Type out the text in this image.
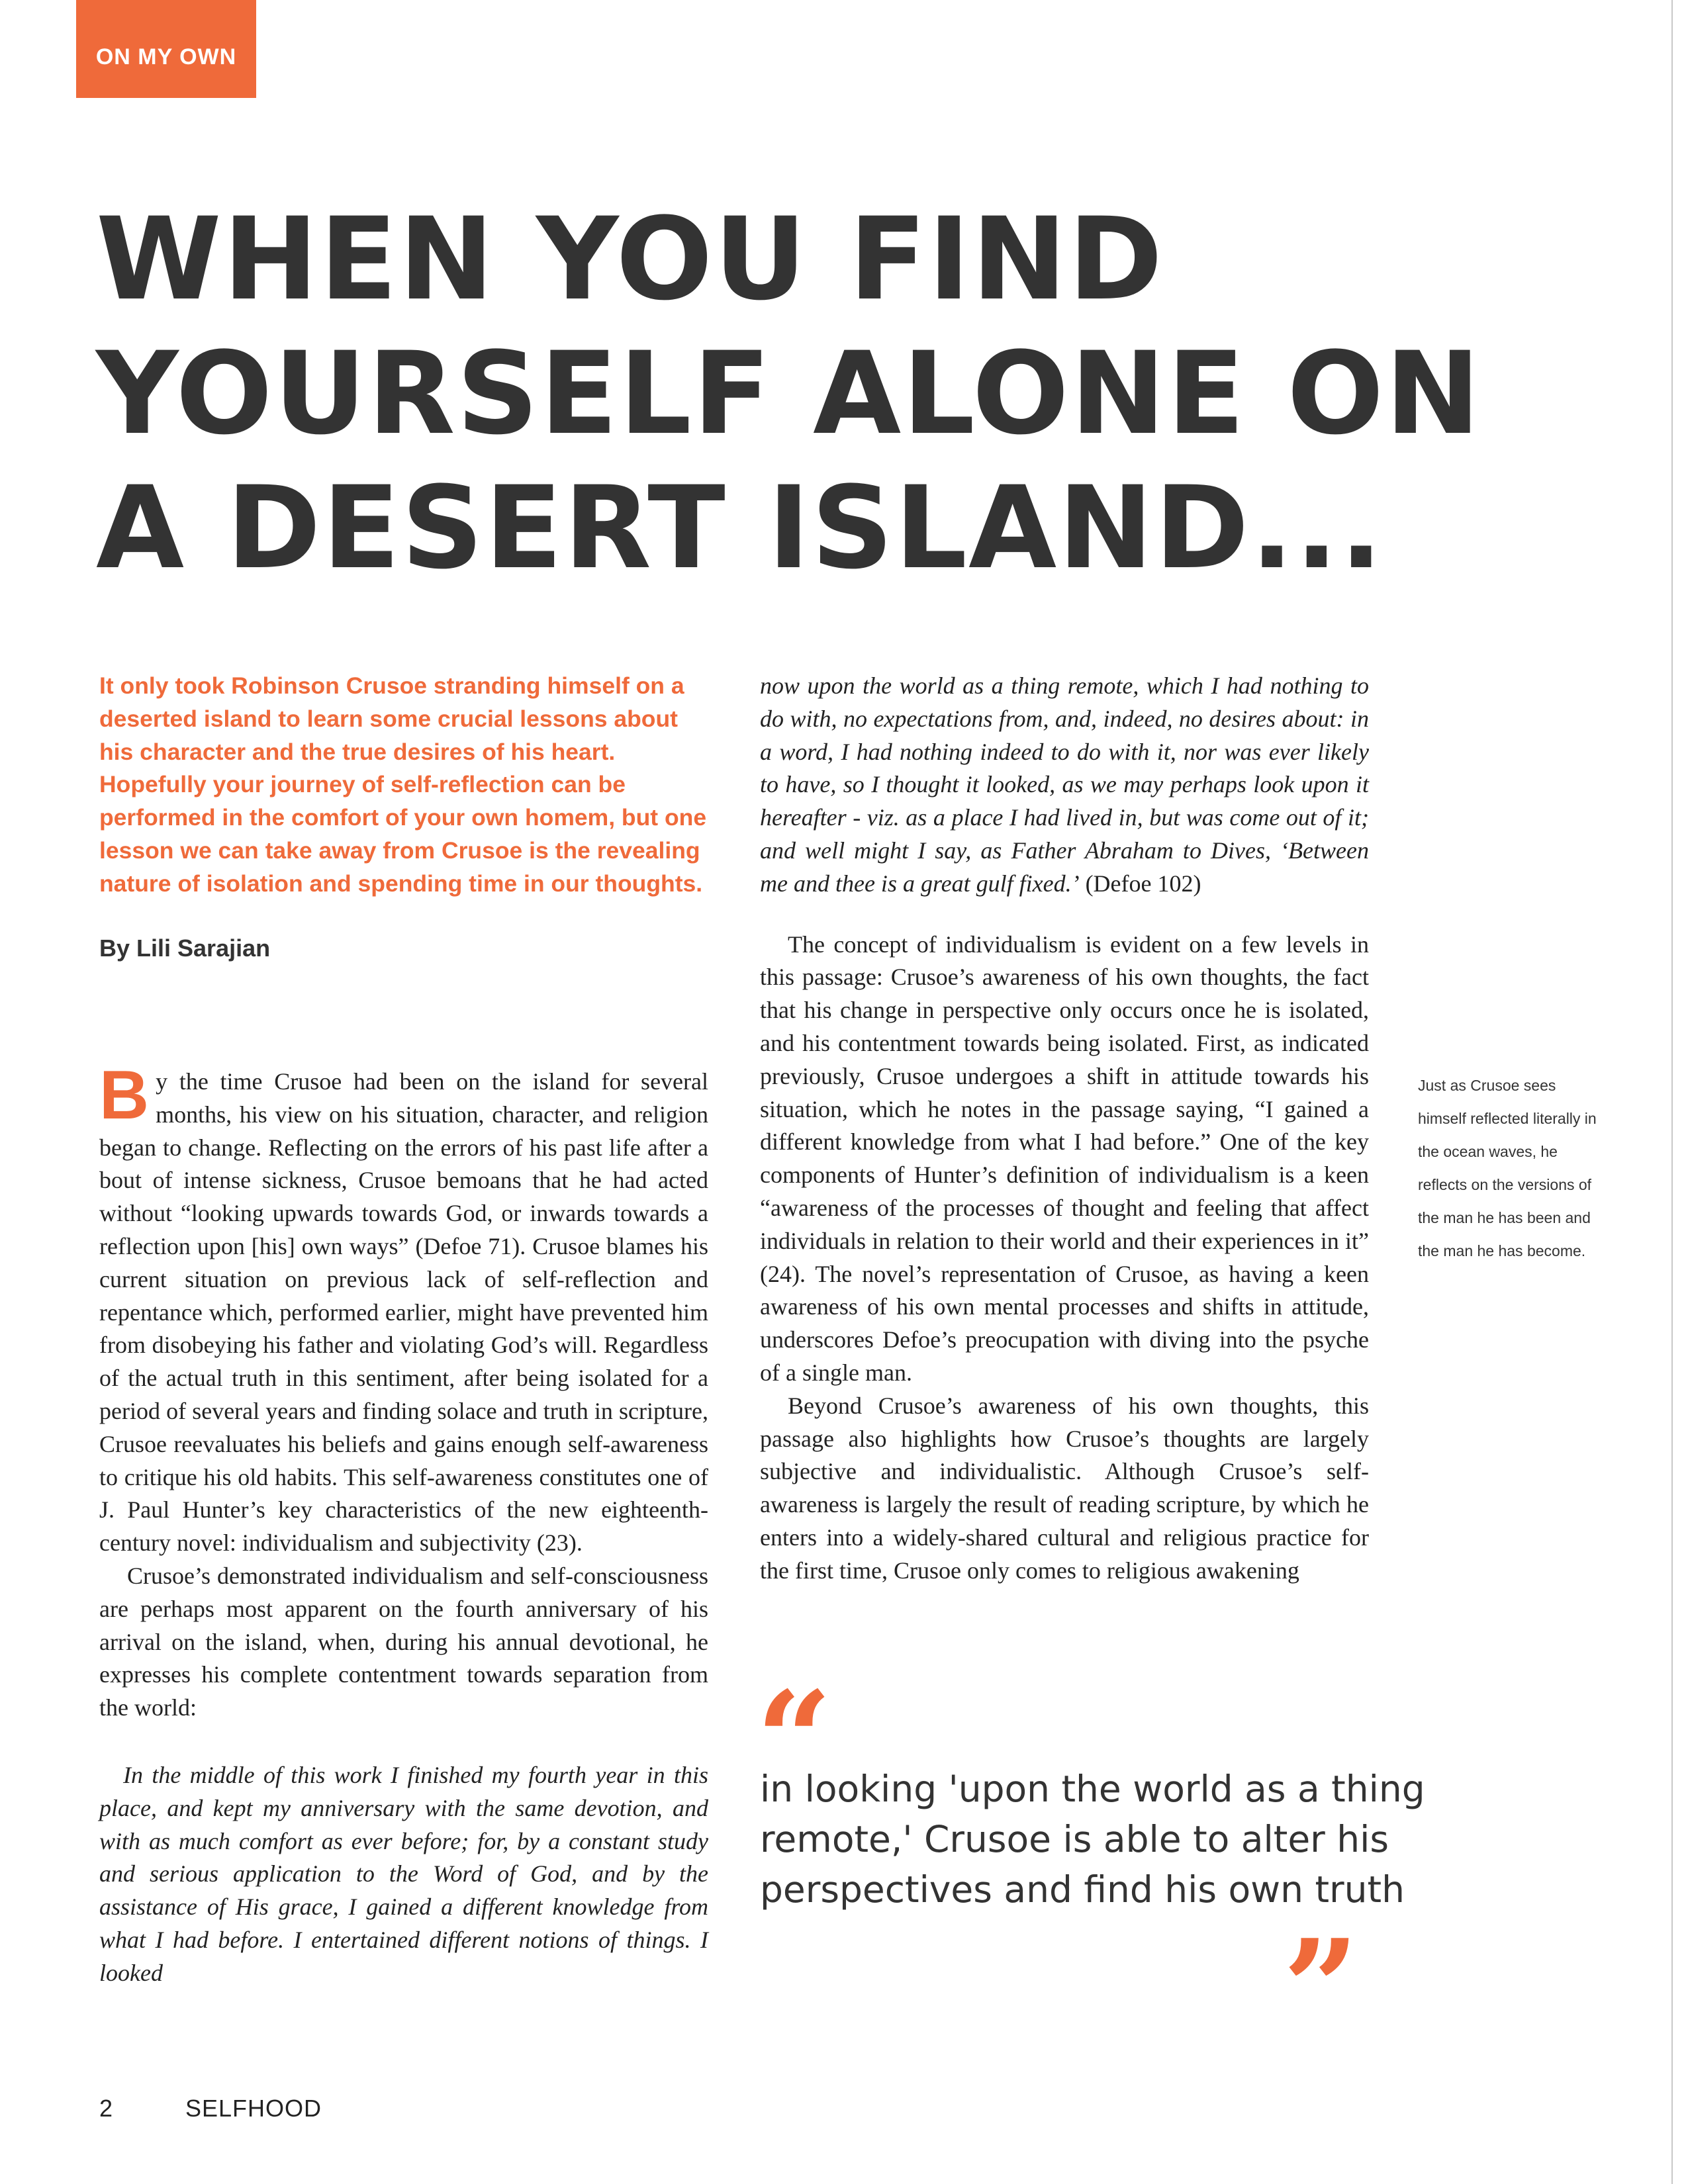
ON MY OWN
WHEN YOU FIND
YOURSELF ALONE ON
A DESERT ISLAND...

It only took Robinson Crusoe stranding himself on a deserted island to learn some crucial lessons about his character and the true desires of his heart. Hopefully your journey of self-reflection can be performed in the comfort of your own homem, but one lesson we can take away from Crusoe is the revealing nature of isolation and spending time in our thoughts.

By Lili Sarajian

By the time Crusoe had been on the island for several months, his view on his situation, character, and religion began to change. Reflecting on the errors of his past life after a bout of intense sickness, Crusoe bemoans that he had acted without “looking upwards towards God, or inwards towards a reflection upon [his] own ways” (Defoe 71). Crusoe blames his current situation on previous lack of self-reflection and repentance which, performed earlier, might have prevented him from disobeying his father and violating God’s will. Regardless of the actual truth in this sentiment, after being isolated for a period of several years and finding solace and truth in scripture, Crusoe reevaluates his beliefs and gains enough self-awareness to critique his old habits. This self-awareness constitutes one of J. Paul Hunter’s key characteristics of the new eighteenth-century novel: individualism and subjectivity (23).

Crusoe’s demonstrated individualism and self-consciousness are perhaps most apparent on the fourth anniversary of his arrival on the island, when, during his annual devotional, he expresses his complete contentment towards separation from the world:

In the middle of this work I finished my fourth year in this place, and kept my anniversary with the same devotion, and with as much comfort as ever before; for, by a constant study and serious application to the Word of God, and by the assistance of His grace, I gained a different knowledge from what I had before. I entertained different notions of things. I looked

now upon the world as a thing remote, which I had nothing to do with, no expectations from, and, indeed, no desires about: in a word, I had nothing indeed to do with it, nor was ever likely to have, so I thought it looked, as we may perhaps look upon it hereafter - viz. as a place I had lived in, but was come out of it; and well might I say, as Father Abraham to Dives, ‘Between me and thee is a great gulf fixed.’ (Defoe 102)

The concept of individualism is evident on a few levels in this passage: Crusoe’s awareness of his own thoughts, the fact that his change in perspective only occurs once he is isolated, and his contentment towards being isolated. First, as indicated previously, Crusoe undergoes a shift in attitude towards his situation, which he notes in the passage saying, “I gained a different knowledge from what I had before.” One of the key components of Hunter’s definition of individualism is a keen “awareness of the processes of thought and feeling that affect individuals in relation to their world and their experiences in it” (24). The novel’s representation of Crusoe, as having a keen awareness of his own mental processes and shifts in attitude, underscores Defoe’s preocupation with diving into the psyche of a single man.

Beyond Crusoe’s awareness of his own thoughts, this passage also highlights how Crusoe’s thoughts are largely subjective and individualistic. Although Crusoe’s self-awareness is largely the result of reading scripture, by which he enters into a widely-shared cultural and religious practice for the first time, Crusoe only comes to religious awakening

Just as Crusoe sees himself reflected literally in the ocean waves, he reflects on the versions of the man he has been and the man he has become.

“

in looking 'upon the world as a thing remote,' Crusoe is able to alter his perspectives and find his own truth

”
2	SELFHOOD
